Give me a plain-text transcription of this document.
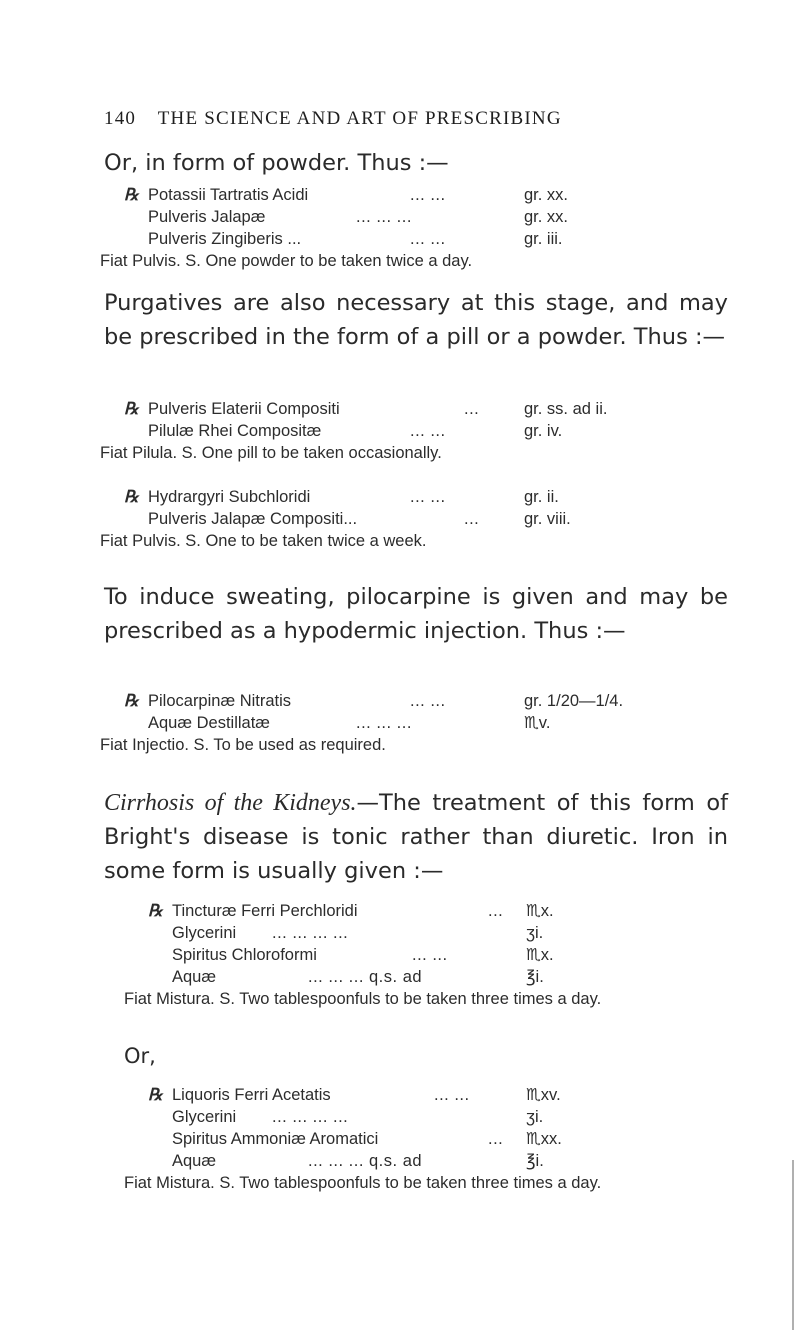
140 THE SCIENCE AND ART OF PRESCRIBING

Or, in form of powder. Thus :—

℞ Potassii Tartratis Acidi	... ...	gr. xx.
Pulveris Jalapæ	... ... ...	gr. xx.
Pulveris Zingiberis ...	... ...	gr. iii.
Fiat Pulvis. S. One powder to be taken twice a day.

Purgatives are also necessary at this stage, and may be prescribed in the form of a pill or a powder. Thus :—

℞ Pulveris Elaterii Compositi	...	gr. ss. ad ii.
Pilulæ Rhei Compositæ	... ...	gr. iv.
Fiat Pilula. S. One pill to be taken occasionally.
℞ Hydrargyri Subchloridi	... ...	gr. ii.
Pulveris Jalapæ Compositi...	...	gr. viii.
Fiat Pulvis. S. One to be taken twice a week.

To induce sweating, pilocarpine is given and may be prescribed as a hypodermic injection. Thus :—

℞ Pilocarpinæ Nitratis	... ...	gr. 1/20—1/4.
Aquæ Destillatæ	... ... ...	♏v.
Fiat Injectio. S. To be used as required.

Cirrhosis of the Kidneys.—The treatment of this form of Bright's disease is tonic rather than diuretic. Iron in some form is usually given :—

℞ Tincturæ Ferri Perchloridi	... ♏x.
Glycerini ... ... ... ...	ʒi.
Spiritus Chloroformi	... ...	♏x.
Aquæ	... ... ... q.s. ad	℥i.
Fiat Mistura. S. Two tablespoonfuls to be taken three times a day.
Or,
℞ Liquoris Ferri Acetatis	... ...	♏xv.
Glycerini ... ... ... ...	ʒi.
Spiritus Ammoniæ Aromatici	... ♏xx.
Aquæ	... ... ... q.s. ad	℥i.
Fiat Mistura. S. Two tablespoonfuls to be taken three times a day.
